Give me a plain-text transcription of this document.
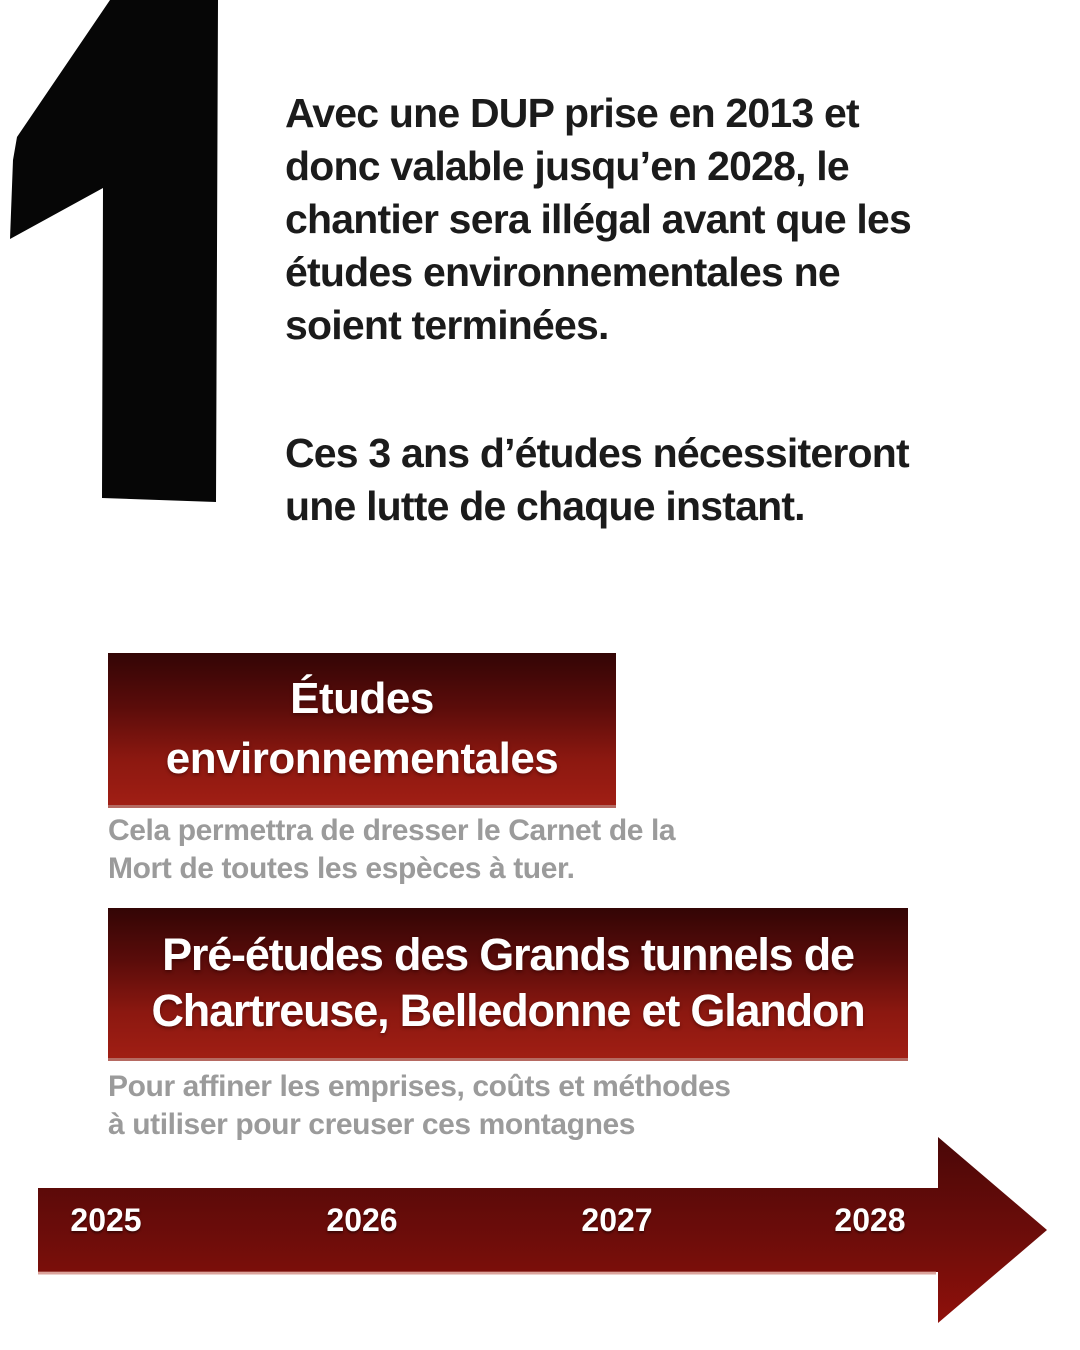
Avec une DUP prise en 2013 et
donc valable jusqu’en 2028, le
chantier sera illégal avant que les
études environnementales ne
soient terminées.
Ces 3 ans d’études nécessiteront
une lutte de chaque instant.
Études
environnementales
Cela permettra de dresser le Carnet de la
Mort de toutes les espèces à tuer.
Pré-études des Grands tunnels de
Chartreuse, Belledonne et Glandon
Pour affiner les emprises, coûts et méthodes
à utiliser pour creuser ces montagnes
2025	2026	2027	2028
